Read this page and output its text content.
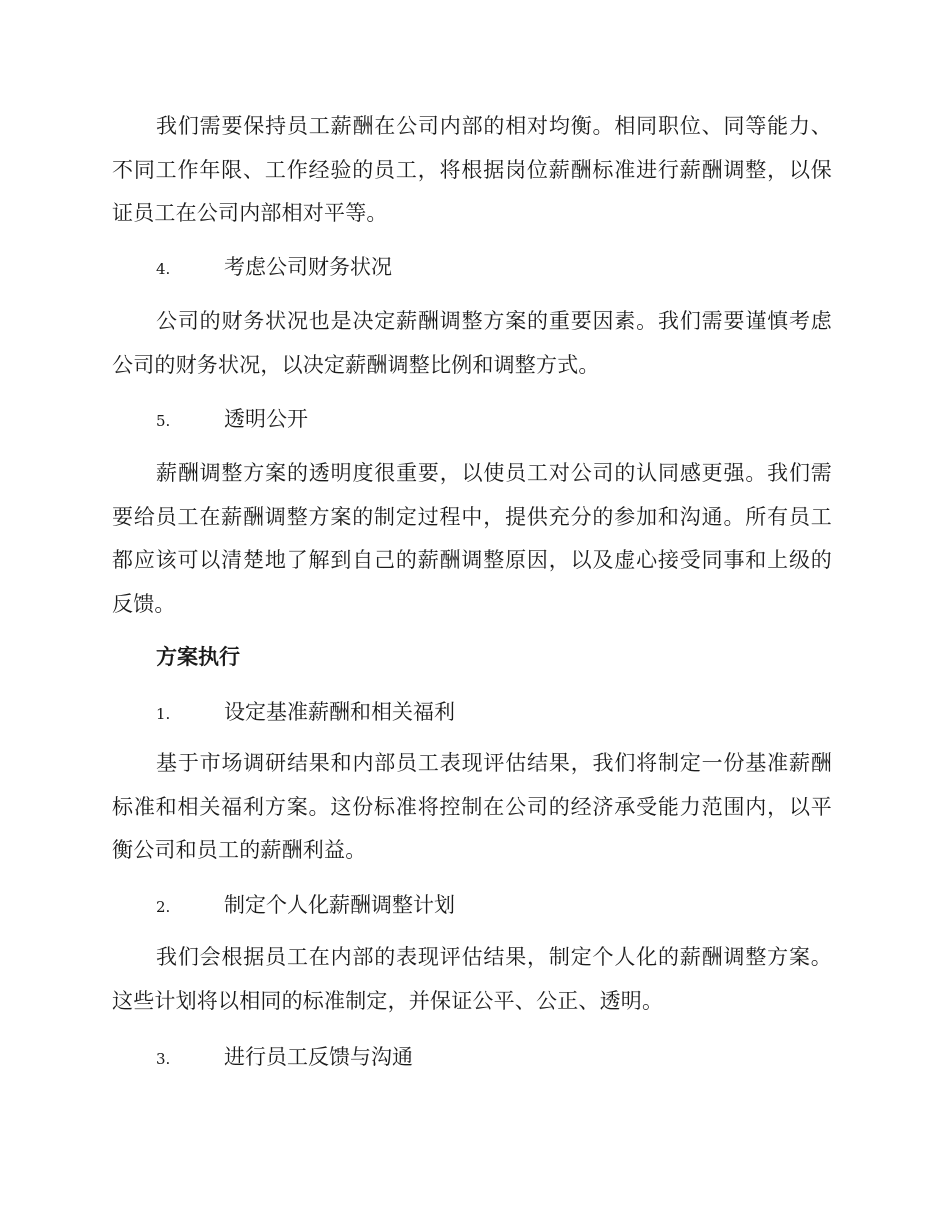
我们需要保持员工薪酬在公司内部的相对均衡。相同职位、同等能力、不同工作年限、工作经验的员工，将根据岗位薪酬标准进行薪酬调整，以保证员工在公司内部相对平等。

4.	考虑公司财务状况

公司的财务状况也是决定薪酬调整方案的重要因素。我们需要谨慎考虑公司的财务状况，以决定薪酬调整比例和调整方式。

5.	透明公开

薪酬调整方案的透明度很重要，以使员工对公司的认同感更强。我们需要给员工在薪酬调整方案的制定过程中，提供充分的参加和沟通。所有员工都应该可以清楚地了解到自己的薪酬调整原因，以及虚心接受同事和上级的反馈。

方案执行
1.	设定基准薪酬和相关福利

基于市场调研结果和内部员工表现评估结果，我们将制定一份基准薪酬标准和相关福利方案。这份标准将控制在公司的经济承受能力范围内，以平衡公司和员工的薪酬利益。

2.	制定个人化薪酬调整计划

我们会根据员工在内部的表现评估结果，制定个人化的薪酬调整方案。这些计划将以相同的标准制定，并保证公平、公正、透明。

3.	进行员工反馈与沟通
